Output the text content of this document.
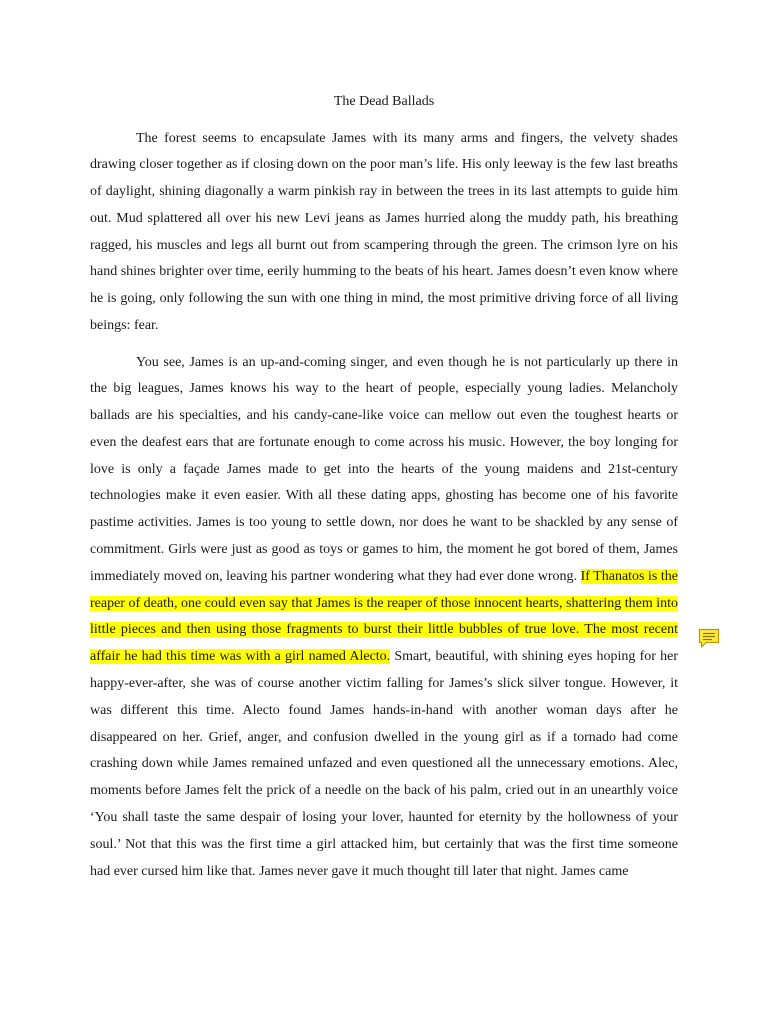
The Dead Ballads

The forest seems to encapsulate James with its many arms and fingers, the velvety shades drawing closer together as if closing down on the poor man’s life. His only leeway is the few last breaths of daylight, shining diagonally a warm pinkish ray in between the trees in its last attempts to guide him out. Mud splattered all over his new Levi jeans as James hurried along the muddy path, his breathing ragged, his muscles and legs all burnt out from scampering through the green. The crimson lyre on his hand shines brighter over time, eerily humming to the beats of his heart. James doesn’t even know where he is going, only following the sun with one thing in mind, the most primitive driving force of all living beings: fear.

You see, James is an up-and-coming singer, and even though he is not particularly up there in the big leagues, James knows his way to the heart of people, especially young ladies. Melancholy ballads are his specialties, and his candy-cane-like voice can mellow out even the toughest hearts or even the deafest ears that are fortunate enough to come across his music. However, the boy longing for love is only a façade James made to get into the hearts of the young maidens and 21st-century technologies make it even easier. With all these dating apps, ghosting has become one of his favorite pastime activities. James is too young to settle down, nor does he want to be shackled by any sense of commitment. Girls were just as good as toys or games to him, the moment he got bored of them, James immediately moved on, leaving his partner wondering what they had ever done wrong. If Thanatos is the reaper of death, one could even say that James is the reaper of those innocent hearts, shattering them into little pieces and then using those fragments to burst their little bubbles of true love. The most recent affair he had this time was with a girl named Alecto. Smart, beautiful, with shining eyes hoping for her happy-ever-after, she was of course another victim falling for James’s slick silver tongue. However, it was different this time. Alecto found James hands-in-hand with another woman days after he disappeared on her. Grief, anger, and confusion dwelled in the young girl as if a tornado had come crashing down while James remained unfazed and even questioned all the unnecessary emotions. Alec, moments before James felt the prick of a needle on the back of his palm, cried out in an unearthly voice ‘You shall taste the same despair of losing your lover, haunted for eternity by the hollowness of your soul.’ Not that this was the first time a girl attacked him, but certainly that was the first time someone had ever cursed him like that. James never gave it much thought till later that night. James came
